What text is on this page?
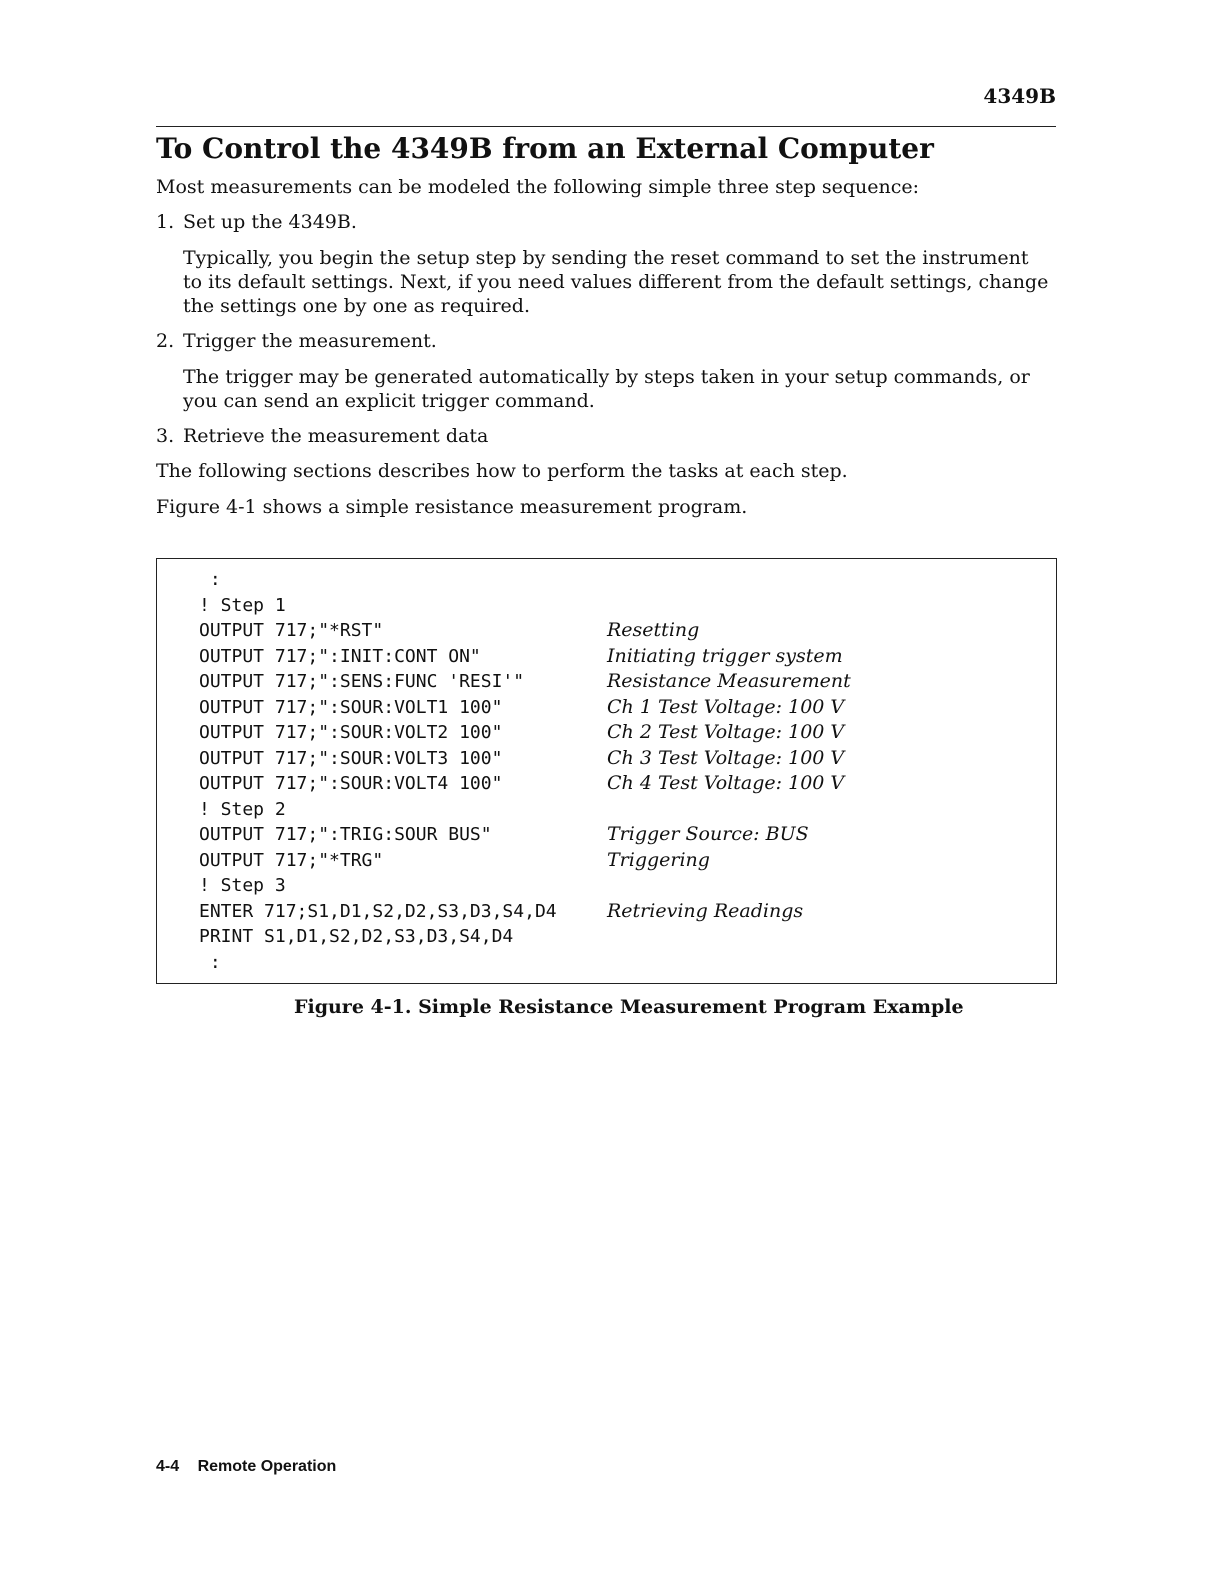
4349B
To Control the 4349B from an External Computer

Most measurements can be modeled the following simple three step sequence:

1. Set up the 4349B.

Typically, you begin the setup step by sending the reset command to set the instrument to its default settings. Next, if you need values different from the default settings, change the settings one by one as required.

2. Trigger the measurement.

The trigger may be generated automatically by steps taken in your setup commands, or you can send an explicit trigger command.

3. Retrieve the measurement data

The following sections describes how to perform the tasks at each step.

Figure 4-1 shows a simple resistance measurement program.

:
! Step 1
OUTPUT 717;"*RST"	Resetting
OUTPUT 717;":INIT:CONT ON"	Initiating trigger system
OUTPUT 717;":SENS:FUNC 'RESI'"	Resistance Measurement
OUTPUT 717;":SOUR:VOLT1 100"	Ch 1 Test Voltage: 100 V
OUTPUT 717;":SOUR:VOLT2 100"	Ch 2 Test Voltage: 100 V
OUTPUT 717;":SOUR:VOLT3 100"	Ch 3 Test Voltage: 100 V
OUTPUT 717;":SOUR:VOLT4 100"	Ch 4 Test Voltage: 100 V
! Step 2
OUTPUT 717;":TRIG:SOUR BUS"	Trigger Source: BUS
OUTPUT 717;"*TRG"	Triggering
! Step 3
ENTER 717;S1,D1,S2,D2,S3,D3,S4,D4	Retrieving Readings
PRINT S1,D1,S2,D2,S3,D3,S4,D4
:
Figure 4-1. Simple Resistance Measurement Program Example
4-4 Remote Operation
